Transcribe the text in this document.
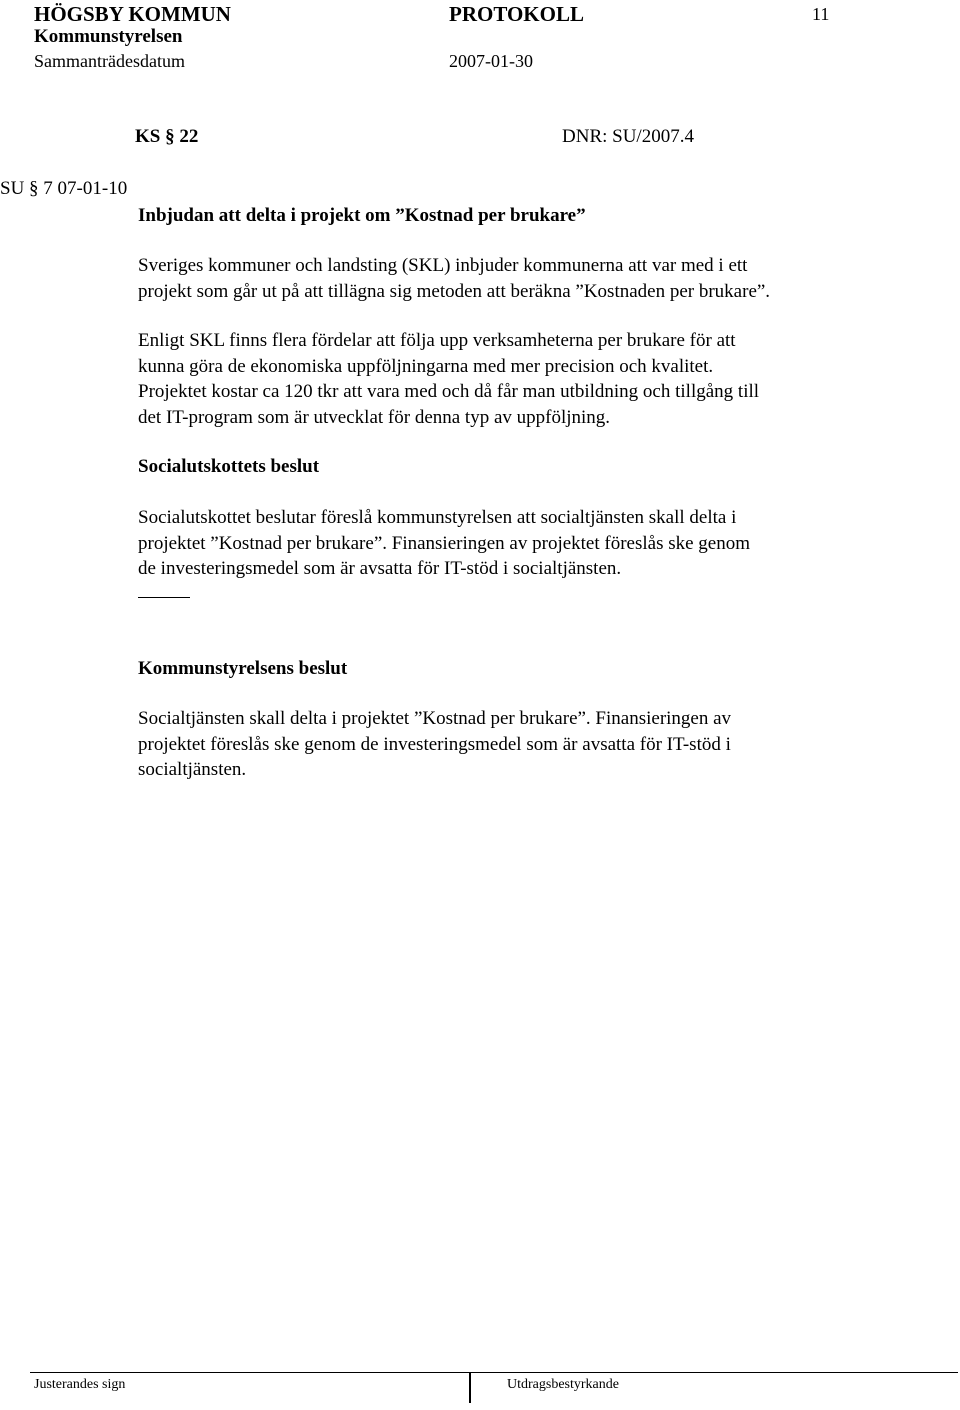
HÖGSBY KOMMUN	PROTOKOLL	11
Kommunstyrelsen
Sammanträdesdatum	2007-01-30
KS § 22	DNR: SU/2007.4
SU § 7 07-01-10
Inbjudan att delta i projekt om ”Kostnad per brukare”
Sveriges kommuner och landsting (SKL) inbjuder kommunerna att var med i ett
projekt som går ut på att tillägna sig metoden att beräkna ”Kostnaden per brukare”.
Enligt SKL finns flera fördelar att följa upp verksamheterna per brukare för att
kunna göra de ekonomiska uppföljningarna med mer precision och kvalitet.
Projektet kostar ca 120 tkr att vara med och då får man utbildning och tillgång till
det IT-program som är utvecklat för denna typ av uppföljning.
Socialutskottets beslut
Socialutskottet beslutar föreslå kommunstyrelsen att socialtjänsten skall delta i
projektet ”Kostnad per brukare”. Finansieringen av projektet föreslås ske genom
de investeringsmedel som är avsatta för IT-stöd i socialtjänsten.
Kommunstyrelsens beslut
Socialtjänsten skall delta i projektet ”Kostnad per brukare”. Finansieringen av
projektet föreslås ske genom de investeringsmedel som är avsatta för IT-stöd i
socialtjänsten.
Justerandes sign	Utdragsbestyrkande
